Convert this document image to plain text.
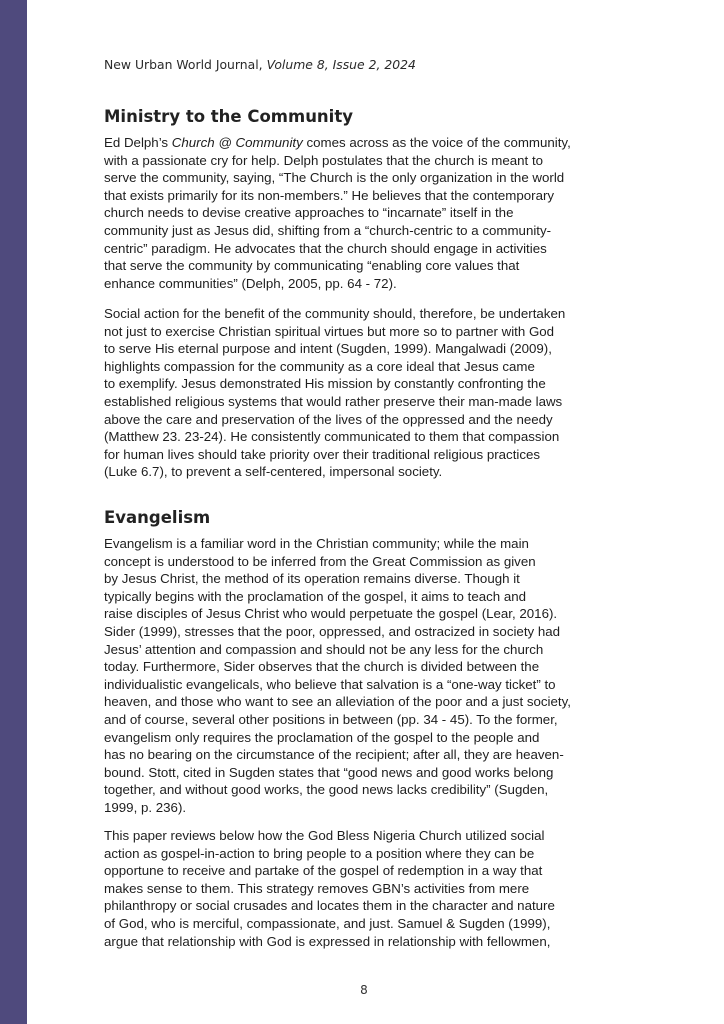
New Urban World Journal, Volume 8, Issue 2, 2024
Ministry to the Community
Ed Delph’s Church @ Community comes across as the voice of the community,
with a passionate cry for help. Delph postulates that the church is meant to
serve the community, saying, “The Church is the only organization in the world
that exists primarily for its non-members.” He believes that the contemporary
church needs to devise creative approaches to “incarnate” itself in the
community just as Jesus did, shifting from a “church-centric to a community-
centric” paradigm. He advocates that the church should engage in activities
that serve the community by communicating “enabling core values that
enhance communities” (Delph, 2005, pp. 64 - 72).
Social action for the benefit of the community should, therefore, be undertaken
not just to exercise Christian spiritual virtues but more so to partner with God
to serve His eternal purpose and intent (Sugden, 1999). Mangalwadi (2009),
highlights compassion for the community as a core ideal that Jesus came
to exemplify. Jesus demonstrated His mission by constantly confronting the
established religious systems that would rather preserve their man-made laws
above the care and preservation of the lives of the oppressed and the needy
(Matthew 23. 23-24). He consistently communicated to them that compassion
for human lives should take priority over their traditional religious practices
(Luke 6.7), to prevent a self-centered, impersonal society.
Evangelism
Evangelism is a familiar word in the Christian community; while the main
concept is understood to be inferred from the Great Commission as given
by Jesus Christ, the method of its operation remains diverse. Though it
typically begins with the proclamation of the gospel, it aims to teach and
raise disciples of Jesus Christ who would perpetuate the gospel (Lear, 2016).
Sider (1999), stresses that the poor, oppressed, and ostracized in society had
Jesus’ attention and compassion and should not be any less for the church
today. Furthermore, Sider observes that the church is divided between the
individualistic evangelicals, who believe that salvation is a “one-way ticket” to
heaven, and those who want to see an alleviation of the poor and a just society,
and of course, several other positions in between (pp. 34 - 45). To the former,
evangelism only requires the proclamation of the gospel to the people and
has no bearing on the circumstance of the recipient; after all, they are heaven-
bound. Stott, cited in Sugden states that “good news and good works belong
together, and without good works, the good news lacks credibility” (Sugden,
1999, p. 236).
This paper reviews below how the God Bless Nigeria Church utilized social
action as gospel-in-action to bring people to a position where they can be
opportune to receive and partake of the gospel of redemption in a way that
makes sense to them. This strategy removes GBN’s activities from mere
philanthropy or social crusades and locates them in the character and nature
of God, who is merciful, compassionate, and just. Samuel & Sugden (1999),
argue that relationship with God is expressed in relationship with fellowmen,
8
